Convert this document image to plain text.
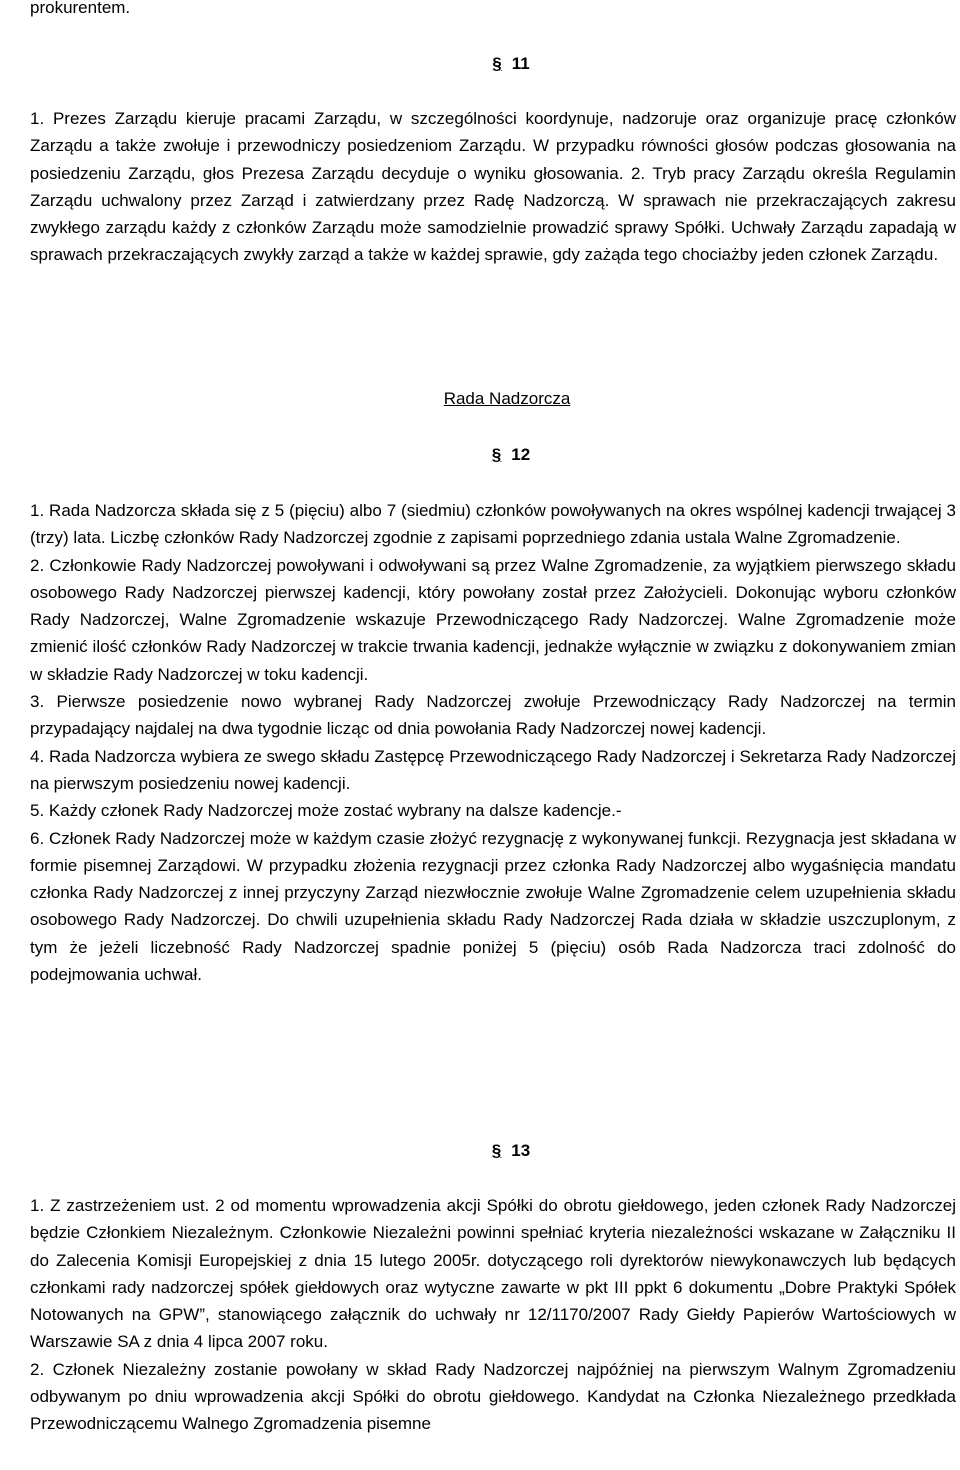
prokurentem.

§ 11

1. Prezes Zarządu kieruje pracami Zarządu, w szczególności koordynuje, nadzoruje oraz organizuje pracę członków Zarządu a także zwołuje i przewodniczy posiedzeniom Zarządu. W przypadku równości głosów podczas głosowania na posiedzeniu Zarządu, głos Prezesa Zarządu decyduje o wyniku głosowania. 2. Tryb pracy Zarządu określa Regulamin Zarządu uchwalony przez Zarząd i zatwierdzany przez Radę Nadzorczą. W sprawach nie przekraczających zakresu zwykłego zarządu każdy z członków Zarządu może samodzielnie prowadzić sprawy Spółki. Uchwały Zarządu zapadają w sprawach przekraczających zwykły zarząd a także w każdej sprawie, gdy zażąda tego chociażby jeden członek Zarządu.

Rada Nadzorcza

§ 12

1. Rada Nadzorcza składa się z 5 (pięciu) albo 7 (siedmiu) członków powoływanych na okres wspólnej kadencji trwającej 3 (trzy) lata. Liczbę członków Rady Nadzorczej zgodnie z zapisami poprzedniego zdania ustala Walne Zgromadzenie.

2. Członkowie Rady Nadzorczej powoływani i odwoływani są przez Walne Zgromadzenie, za wyjątkiem pierwszego składu osobowego Rady Nadzorczej pierwszej kadencji, który powołany został przez Założycieli. Dokonując wyboru członków Rady Nadzorczej, Walne Zgromadzenie wskazuje Przewodniczącego Rady Nadzorczej. Walne Zgromadzenie może zmienić ilość członków Rady Nadzorczej w trakcie trwania kadencji, jednakże wyłącznie w związku z dokonywaniem zmian w składzie Rady Nadzorczej w toku kadencji.

3. Pierwsze posiedzenie nowo wybranej Rady Nadzorczej zwołuje Przewodniczący Rady Nadzorczej na termin przypadający najdalej na dwa tygodnie licząc od dnia powołania Rady Nadzorczej nowej kadencji.

4. Rada Nadzorcza wybiera ze swego składu Zastępcę Przewodniczącego Rady Nadzorczej i Sekretarza Rady Nadzorczej na pierwszym posiedzeniu nowej kadencji.

5. Każdy członek Rady Nadzorczej może zostać wybrany na dalsze kadencje.-

6. Członek Rady Nadzorczej może w każdym czasie złożyć rezygnację z wykonywanej funkcji. Rezygnacja jest składana w formie pisemnej Zarządowi. W przypadku złożenia rezygnacji przez członka Rady Nadzorczej albo wygaśnięcia mandatu członka Rady Nadzorczej z innej przyczyny Zarząd niezwłocznie zwołuje Walne Zgromadzenie celem uzupełnienia składu osobowego Rady Nadzorczej. Do chwili uzupełnienia składu Rady Nadzorczej Rada działa w składzie uszczuplonym, z tym że jeżeli liczebność Rady Nadzorczej spadnie poniżej 5 (pięciu) osób Rada Nadzorcza traci zdolność do podejmowania uchwał.

§ 13

1. Z zastrzeżeniem ust. 2 od momentu wprowadzenia akcji Spółki do obrotu giełdowego, jeden członek Rady Nadzorczej będzie Członkiem Niezależnym. Członkowie Niezależni powinni spełniać kryteria niezależności wskazane w Załączniku II do Zalecenia Komisji Europejskiej z dnia 15 lutego 2005r. dotyczącego roli dyrektorów niewykonawczych lub będących członkami rady nadzorczej spółek giełdowych oraz wytyczne zawarte w pkt III ppkt 6 dokumentu „Dobre Praktyki Spółek Notowanych na GPW”, stanowiącego załącznik do uchwały nr 12/1170/2007 Rady Giełdy Papierów Wartościowych w Warszawie SA z dnia 4 lipca 2007 roku.

2. Członek Niezależny zostanie powołany w skład Rady Nadzorczej najpóźniej na pierwszym Walnym Zgromadzeniu odbywanym po dniu wprowadzenia akcji Spółki do obrotu giełdowego. Kandydat na Członka Niezależnego przedkłada Przewodniczącemu Walnego Zgromadzenia pisemne
